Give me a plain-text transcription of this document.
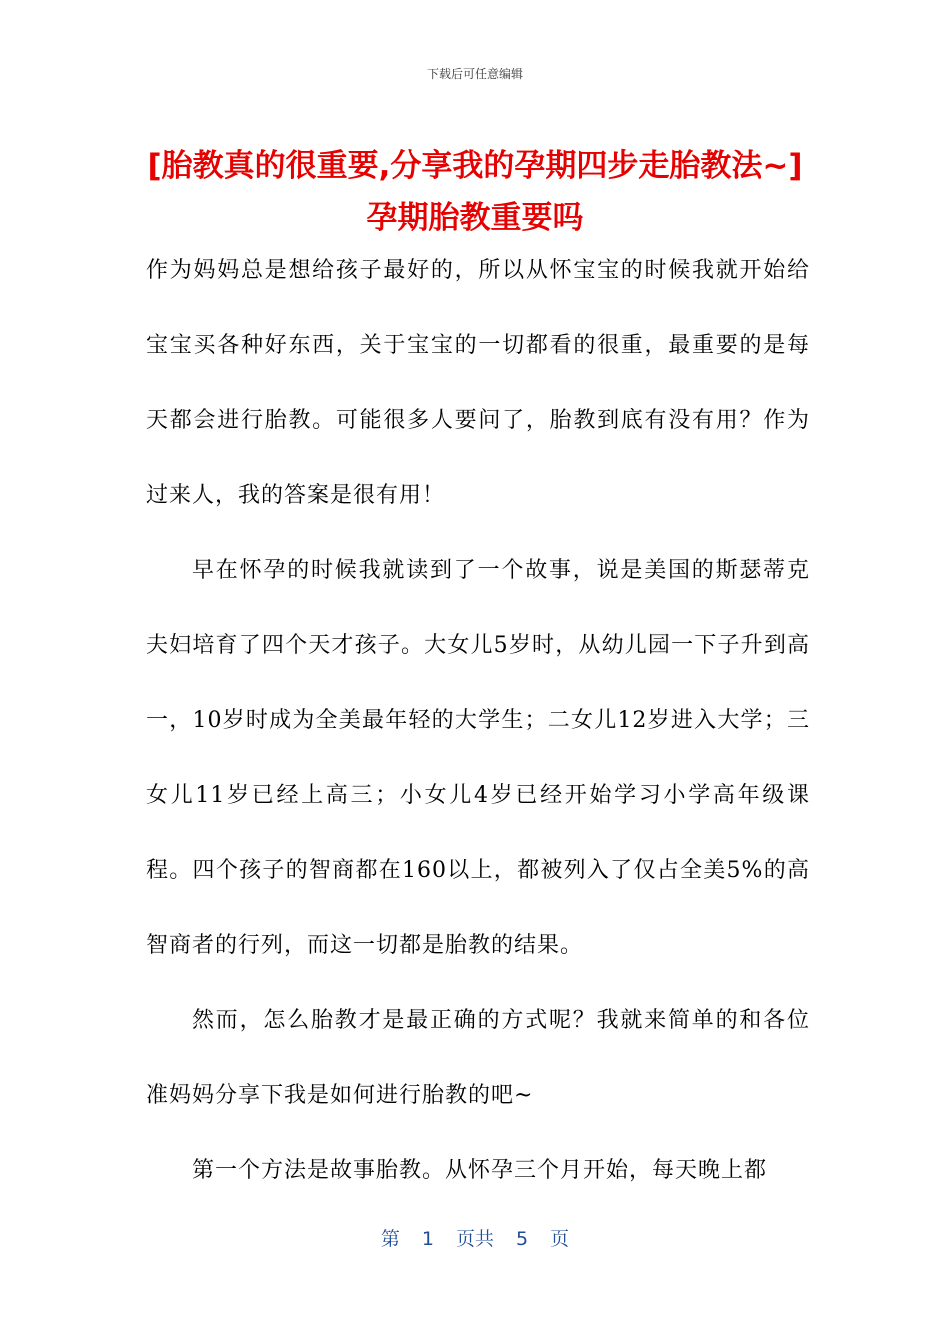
下载后可任意编辑
[胎教真的很重要,分享我的孕期四步走胎教法~] 孕期胎教重要吗

作为妈妈总是想给孩子最好的，所以从怀宝宝的时候我就开始给宝宝买各种好东西，关于宝宝的一切都看的很重，最重要的是每天都会进行胎教。可能很多人要问了，胎教到底有没有用？作为过来人，我的答案是很有用！

早在怀孕的时候我就读到了一个故事，说是美国的斯瑟蒂克夫妇培育了四个天才孩子。大女儿5岁时，从幼儿园一下子升到高一，10岁时成为全美最年轻的大学生；二女儿12岁进入大学；三女儿11岁已经上高三；小女儿4岁已经开始学习小学高年级课程。四个孩子的智商都在160以上，都被列入了仅占全美5%的高智商者的行列，而这一切都是胎教的结果。

然而，怎么胎教才是最正确的方式呢？我就来简单的和各位准妈妈分享下我是如何进行胎教的吧~

第一个方法是故事胎教。从怀孕三个月开始，每天晚上都

第 1 页共 5 页
